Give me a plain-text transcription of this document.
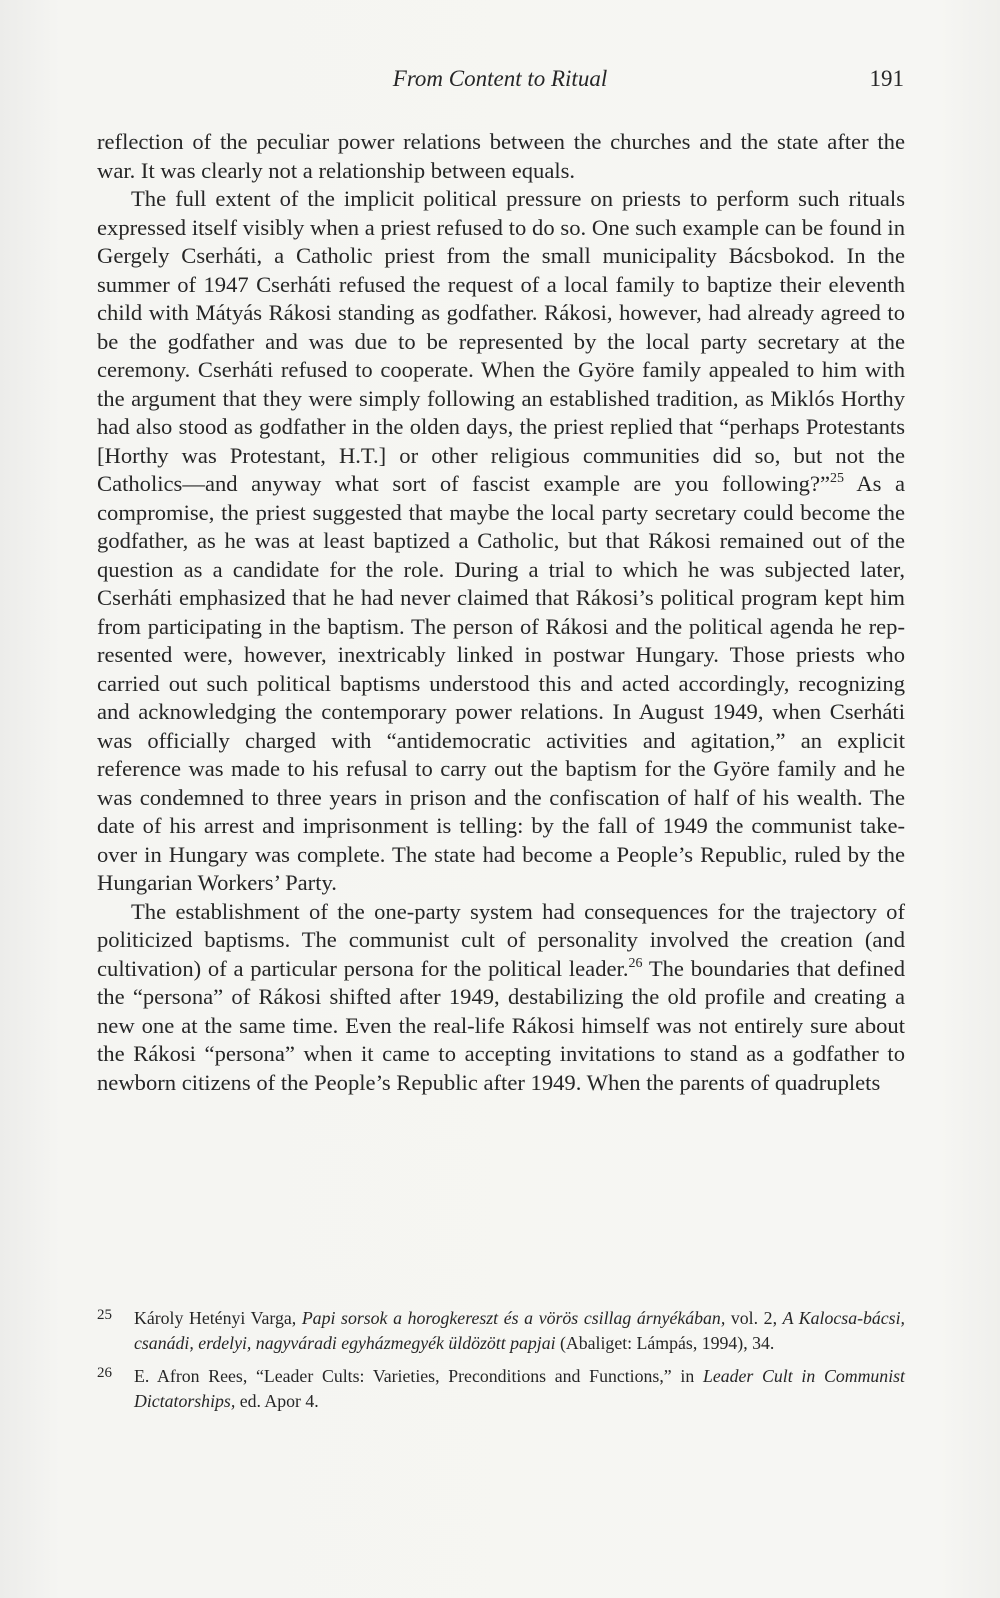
From Content to Ritual	191

reflection of the peculiar power relations between the churches and the state after the war. It was clearly not a relationship between equals.

The full extent of the implicit political pressure on priests to perform such rituals expressed itself visibly when a priest refused to do so. One such example can be found in Gergely Cserháti, a Catholic priest from the small municipality Bácsbokod. In the summer of 1947 Cserháti refused the request of a local family to baptize their eleventh child with Mátyás Rákosi standing as godfather. Rákosi, however, had already agreed to be the godfather and was due to be represented by the local party secretary at the ceremony. Cserháti refused to cooperate. When the Györe family appealed to him with the argument that they were simply following an established tradition, as Miklós Horthy had also stood as godfather in the olden days, the priest replied that “perhaps Protestants [Horthy was Protestant, H.T.] or other religious communities did so, but not the Catholics—and anyway what sort of fascist example are you following?”$^{25}$ As a compromise, the priest suggested that maybe the local party secretary could become the godfather, as he was at least baptized a Catholic, but that Rákosi remained out of the question as a candidate for the role. During a trial to which he was subjected later, Cserháti emphasized that he had never claimed that Rákosi’s political program kept him from participating in the baptism. The person of Rákosi and the political agenda he represented were, however, inextricably linked in postwar Hungary. Those priests who carried out such political baptisms understood this and acted accordingly, recognizing and acknowledging the contemporary power relations. In August 1949, when Cserháti was officially charged with “antidemocratic activities and agitation,” an explicit reference was made to his refusal to carry out the baptism for the Györe family and he was condemned to three years in prison and the confiscation of half of his wealth. The date of his arrest and imprisonment is telling: by the fall of 1949 the communist take-over in Hungary was complete. The state had become a People’s Republic, ruled by the Hungarian Workers’ Party.

The establishment of the one-party system had consequences for the trajectory of politicized baptisms. The communist cult of personality involved the creation (and cultivation) of a particular persona for the political leader.$^{26}$ The boundaries that defined the “persona” of Rákosi shifted after 1949, destabilizing the old profile and creating a new one at the same time. Even the real-life Rákosi himself was not entirely sure about the Rákosi “persona” when it came to accepting invitations to stand as a godfather to newborn citizens of the People’s Republic after 1949. When the parents of quadruplets

25 Károly Hetényi Varga, Papi sorsok a horogkereszt és a vörös csillag árnyékában, vol. 2, A Kalocsa-bácsi, csanádi, erdelyi, nagyváradi egyházmegyék üldözött papjai (Abaliget: Lámpás, 1994), 34.
26 E. Afron Rees, “Leader Cults: Varieties, Preconditions and Functions,” in Leader Cult in Communist Dictatorships, ed. Apor 4.
